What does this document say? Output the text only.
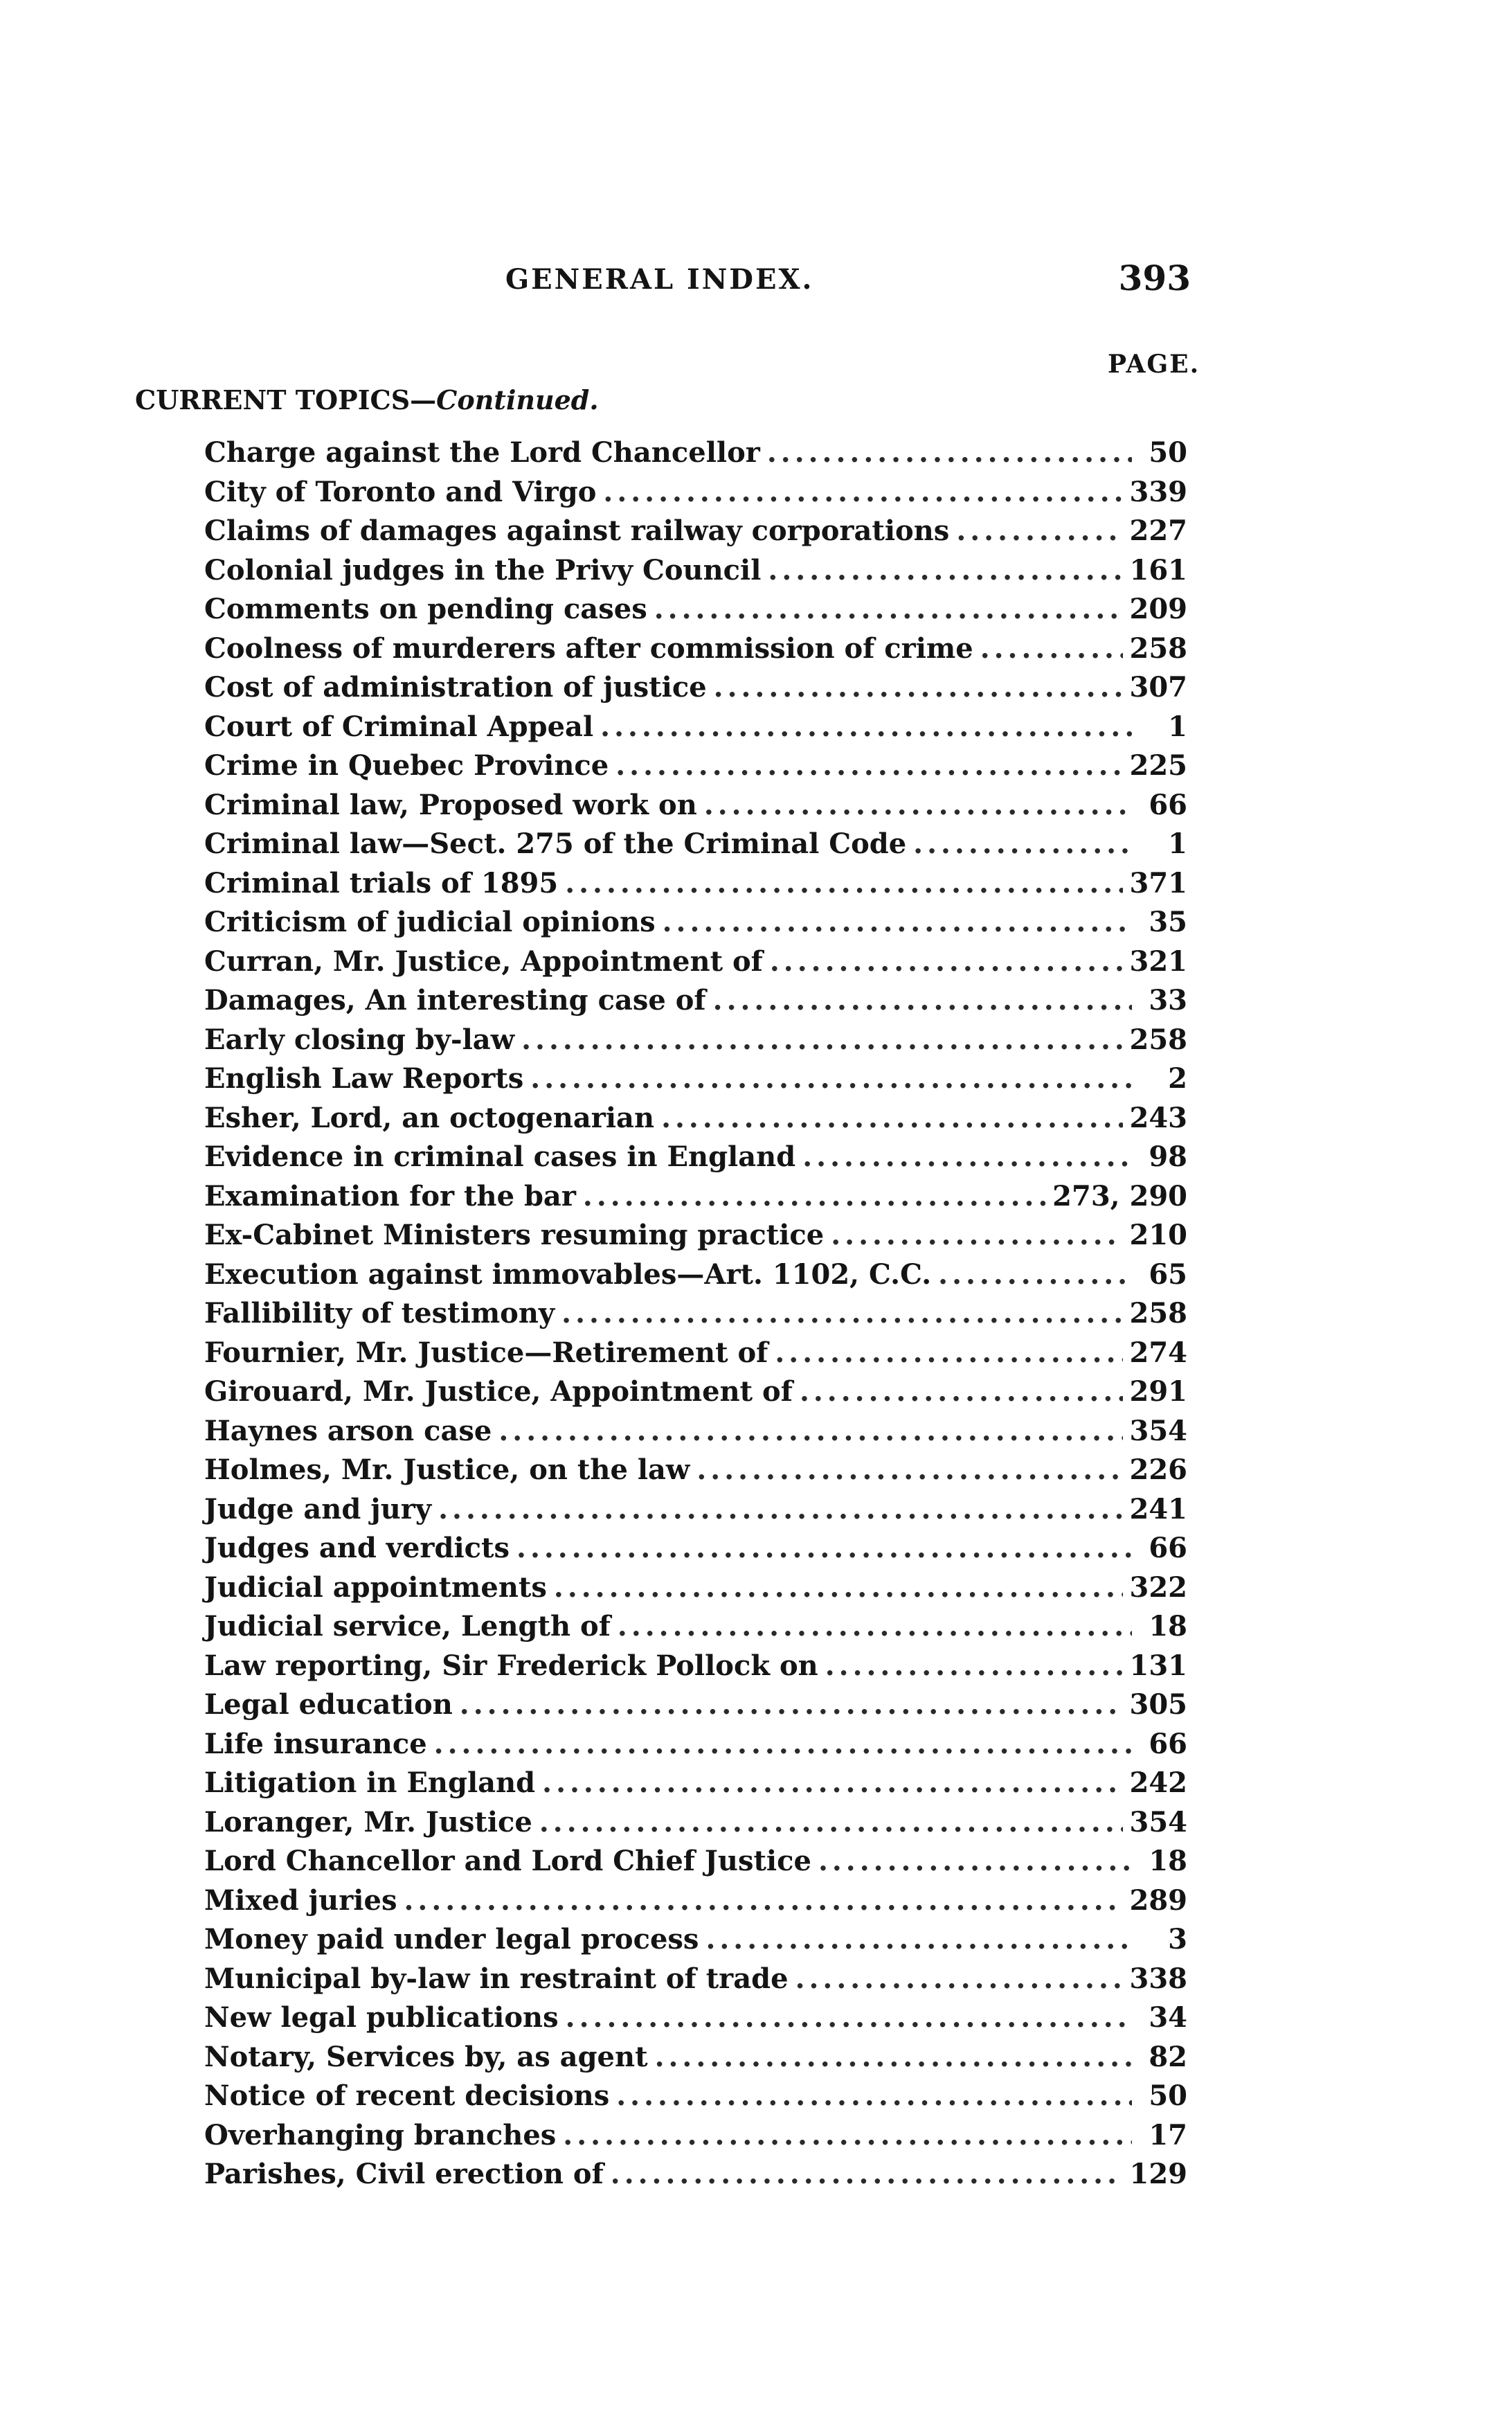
GENERAL INDEX.	393
PAGE.
CURRENT TOPICS—Continued.
Charge against the Lord Chancellor .....	50
City of Toronto and Virgo .....	339
Claims of damages against railway corporations .....	227
Colonial judges in the Privy Council .....	161
Comments on pending cases .....	209
Coolness of murderers after commission of crime .....	258
Cost of administration of justice .....	307
Court of Criminal Appeal .....	1
Crime in Quebec Province .....	225
Criminal law, Proposed work on .....	66
Criminal law—Sect. 275 of the Criminal Code .....	1
Criminal trials of 1895 .....	371
Criticism of judicial opinions .....	35
Curran, Mr. Justice, Appointment of .....	321
Damages, An interesting case of .....	33
Early closing by-law .....	258
English Law Reports .....	2
Esher, Lord, an octogenarian .....	243
Evidence in criminal cases in England .....	98
Examination for the bar .....	273, 290
Ex-Cabinet Ministers resuming practice .....	210
Execution against immovables—Art. 1102, C.C. .....	65
Fallibility of testimony .....	258
Fournier, Mr. Justice—Retirement of .....	274
Girouard, Mr. Justice, Appointment of .....	291
Haynes arson case .....	354
Holmes, Mr. Justice, on the law .....	226
Judge and jury .....	241
Judges and verdicts .....	66
Judicial appointments .....	322
Judicial service, Length of .....	18
Law reporting, Sir Frederick Pollock on .....	131
Legal education .....	305
Life insurance .....	66
Litigation in England .....	242
Loranger, Mr. Justice .....	354
Lord Chancellor and Lord Chief Justice .....	18
Mixed juries .....	289
Money paid under legal process .....	3
Municipal by-law in restraint of trade .....	338
New legal publications .....	34
Notary, Services by, as agent .....	82
Notice of recent decisions .....	50
Overhanging branches .....	17
Parishes, Civil erection of .....	129
